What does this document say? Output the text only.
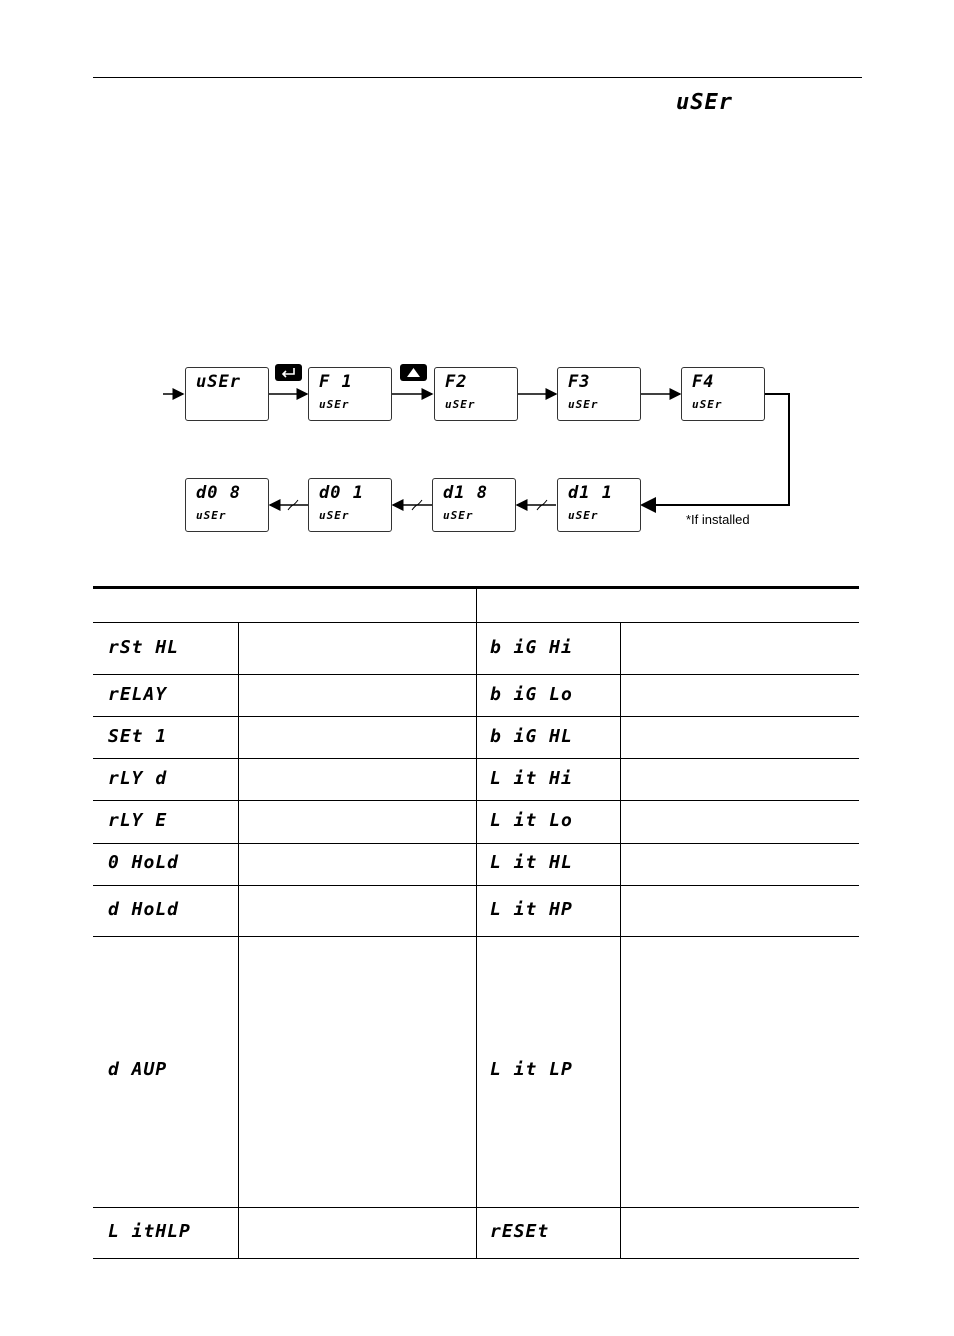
uSEr
uSEr	F 1
uSEr
F2
uSEr
F3
uSEr
F4
uSEr
d1 1
uSEr
d1 8
uSEr
d0 1
uSEr
d0 8
uSEr	*If installed
rSt HL	b iG Hi
rELAY	b iG Lo
SEt 1	b iG HL
rLY d	L it Hi
rLY E	L it Lo
0 HoLd	L it HL
d HoLd	L it HP
d AUP	L it LP
L itHLP	rESEt
